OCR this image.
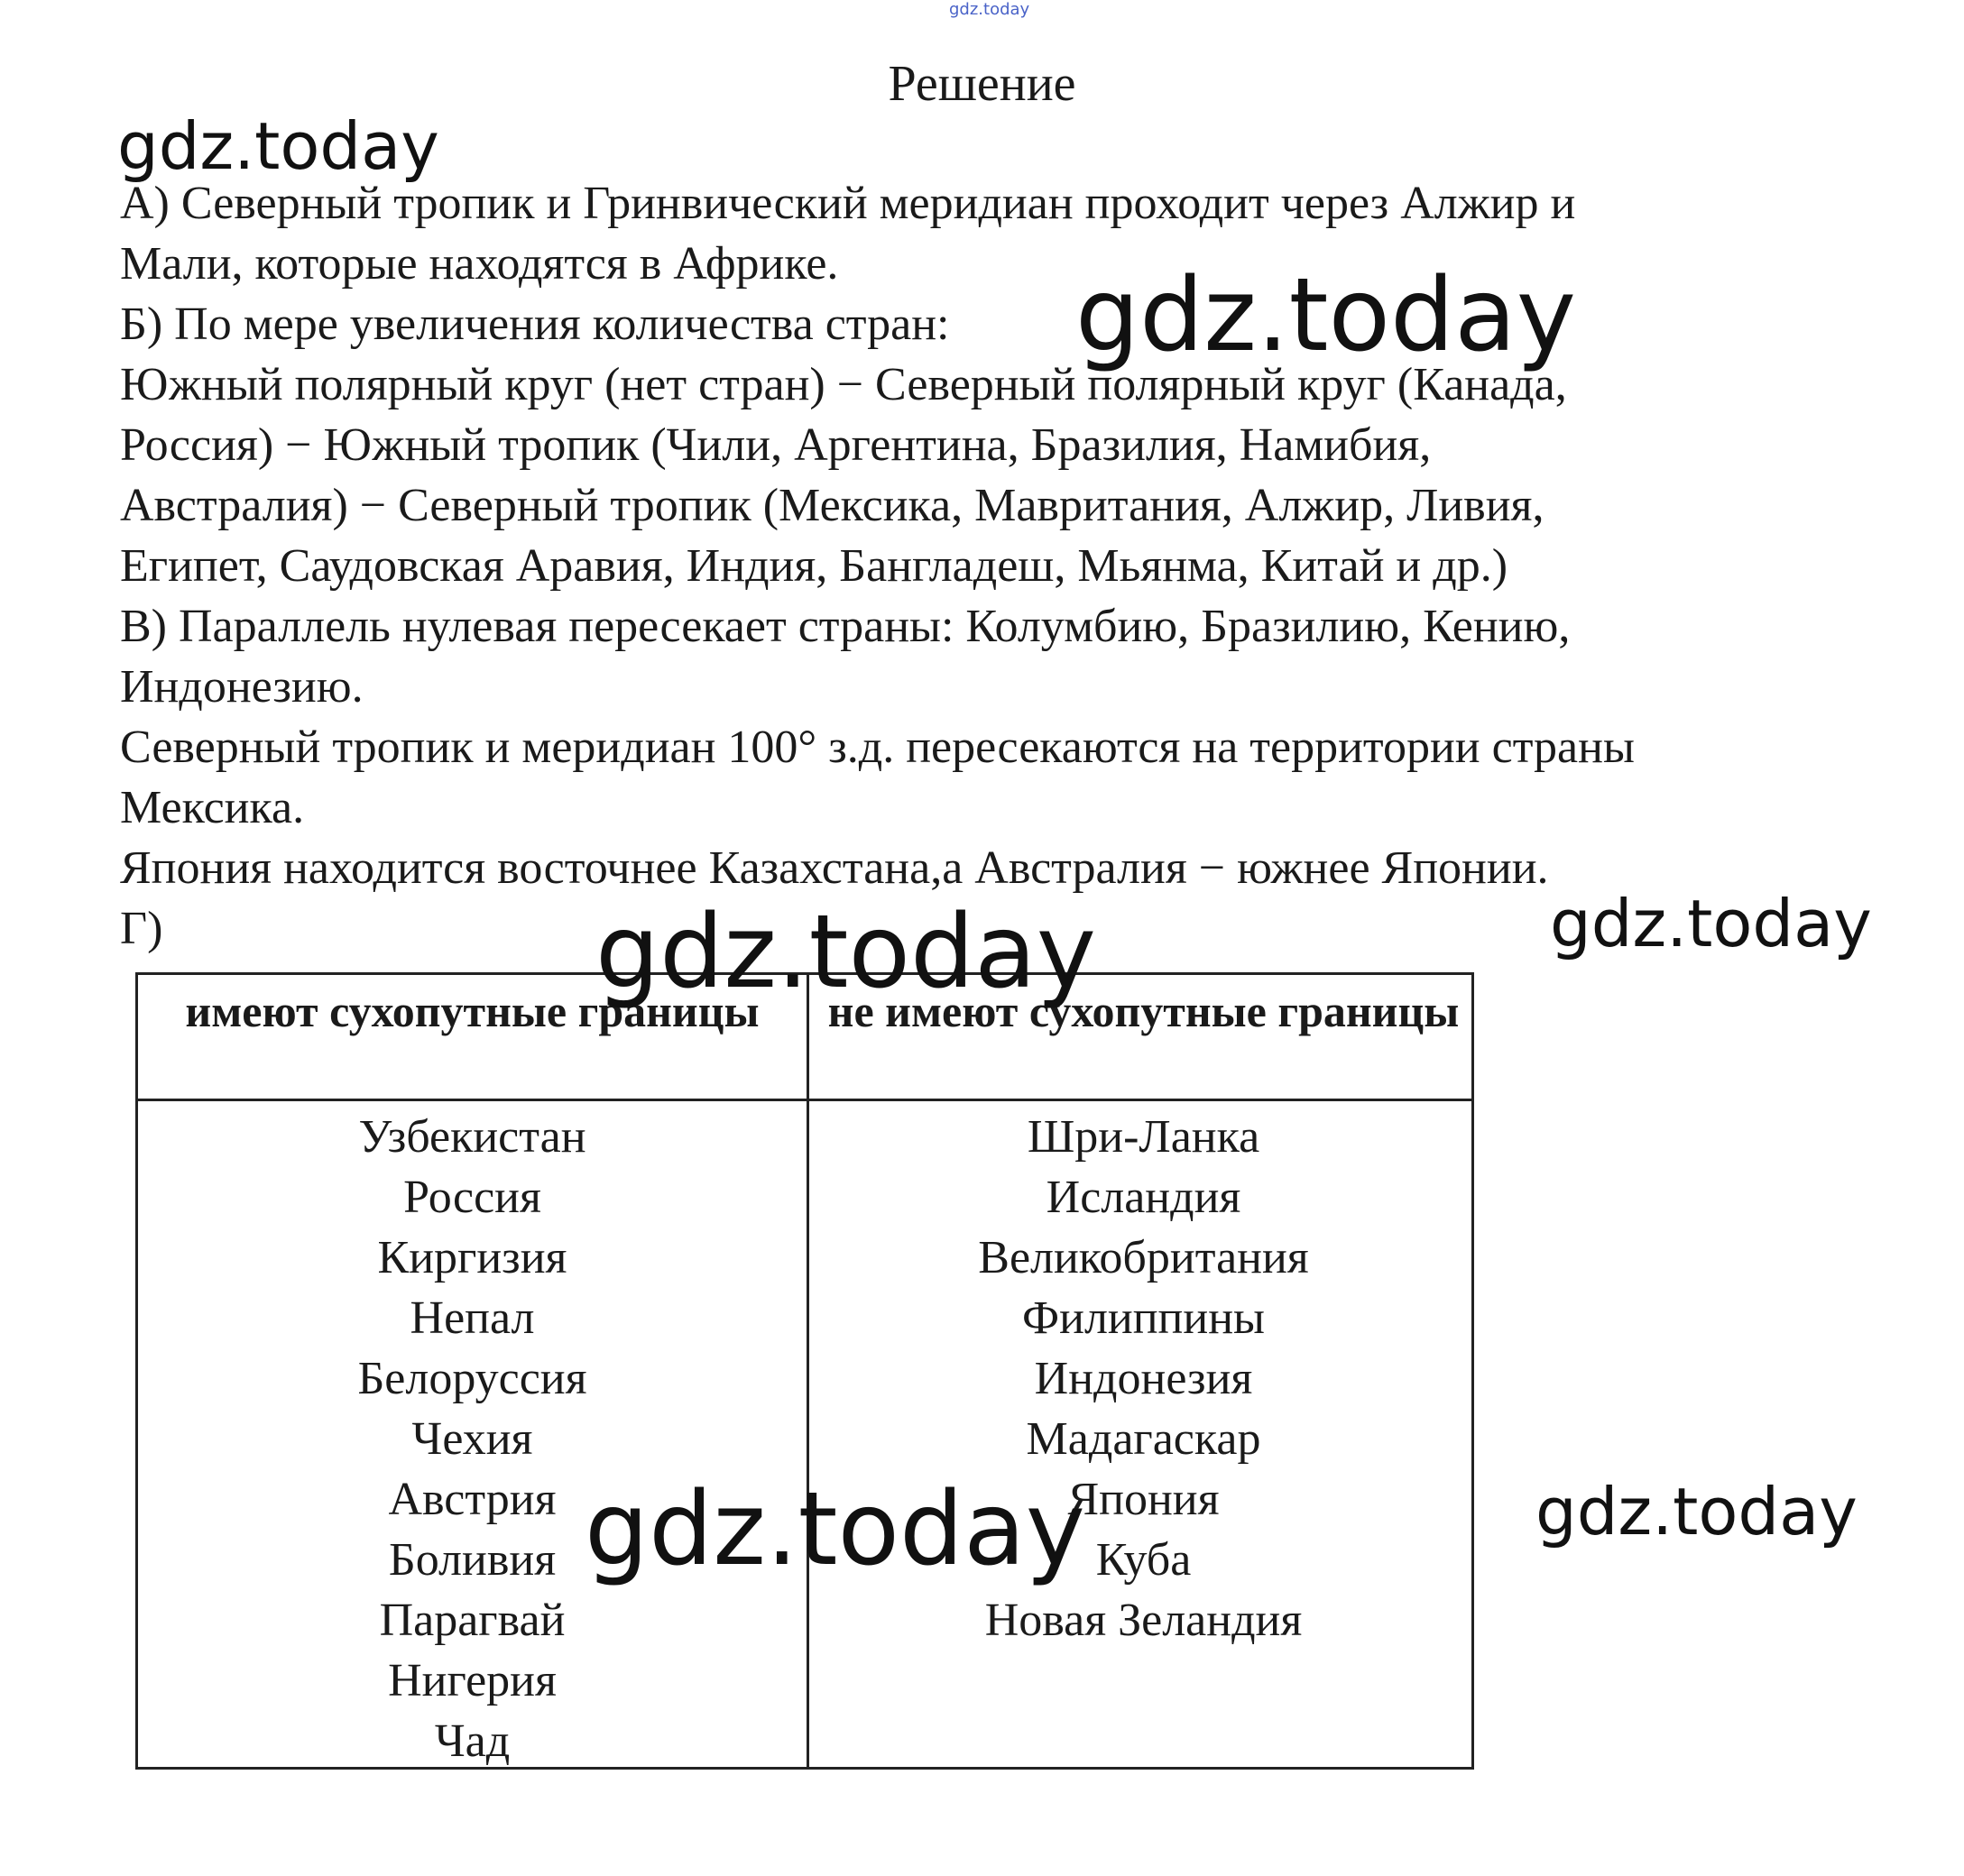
gdz.today
Решение
А) Северный тропик и Гринвический меридиан проходит через Алжир и
Мали, которые находятся в Африке.
Б) По мере увеличения количества стран:
Южный полярный круг (нет стран) − Северный полярный круг (Канада,
Россия) − Южный тропик (Чили, Аргентина, Бразилия, Намибия,
Австралия) − Северный тропик (Мексика, Мавритания, Алжир, Ливия,
Египет, Саудовская Аравия, Индия, Бангладеш, Мьянма, Китай и др.)
В) Параллель нулевая пересекает страны: Колумбию, Бразилию, Кению,
Индонезию.
Северный тропик и меридиан 100° з.д. пересекаются на территории страны
Мексика.
Япония находится восточнее Казахстана,а Австралия − южнее Японии.
Г)
имеют сухопутные границы	не имеют сухопутные границы
Узбекистан
Россия
Киргизия
Непал
Белоруссия
Чехия
Австрия
Боливия
Парагвай
Нигерия
Чад
Шри-Ланка
Исландия
Великобритания
Филиппины
Индонезия
Мадагаскар
Япония
Куба
Новая Зеландия
gdz.today
gdz.today
gdz.today
gdz.today
gdz.today	gdz.today
